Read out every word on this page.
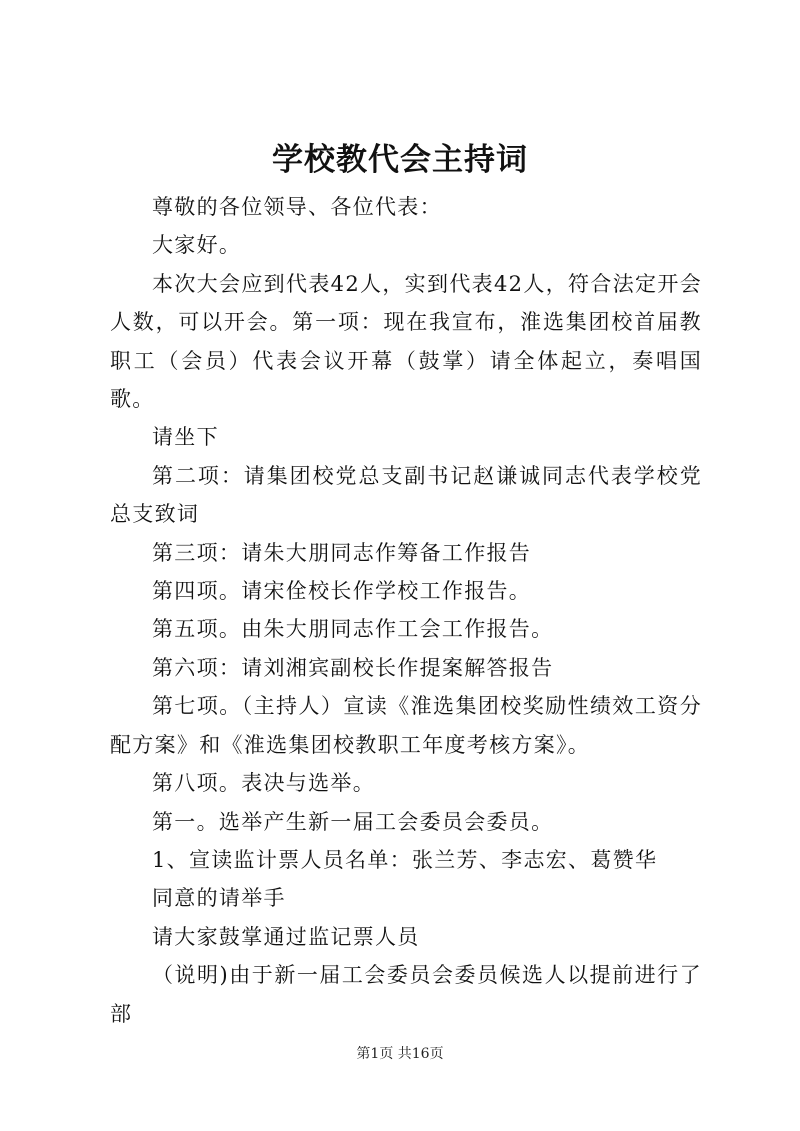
学校教代会主持词

尊敬的各位领导、各位代表：

大家好。

本次大会应到代表42人，实到代表42人，符合法定开会人数，可以开会。第一项：现在我宣布，淮选集团校首届教职工（会员）代表会议开幕（鼓掌）请全体起立，奏唱国歌。

请坐下

第二项：请集团校党总支副书记赵谦诚同志代表学校党总支致词

第三项：请朱大朋同志作筹备工作报告

第四项。请宋佺校长作学校工作报告。

第五项。由朱大朋同志作工会工作报告。

第六项：请刘湘宾副校长作提案解答报告

第七项。（主持人）宣读《淮选集团校奖励性绩效工资分配方案》和《淮选集团校教职工年度考核方案》。

第八项。表决与选举。

第一。选举产生新一届工会委员会委员。

1、宣读监计票人员名单：张兰芳、李志宏、葛赞华

同意的请举手

请大家鼓掌通过监记票人员

（说明)由于新一届工会委员会委员候选人以提前进行了部

第1页 共16页
